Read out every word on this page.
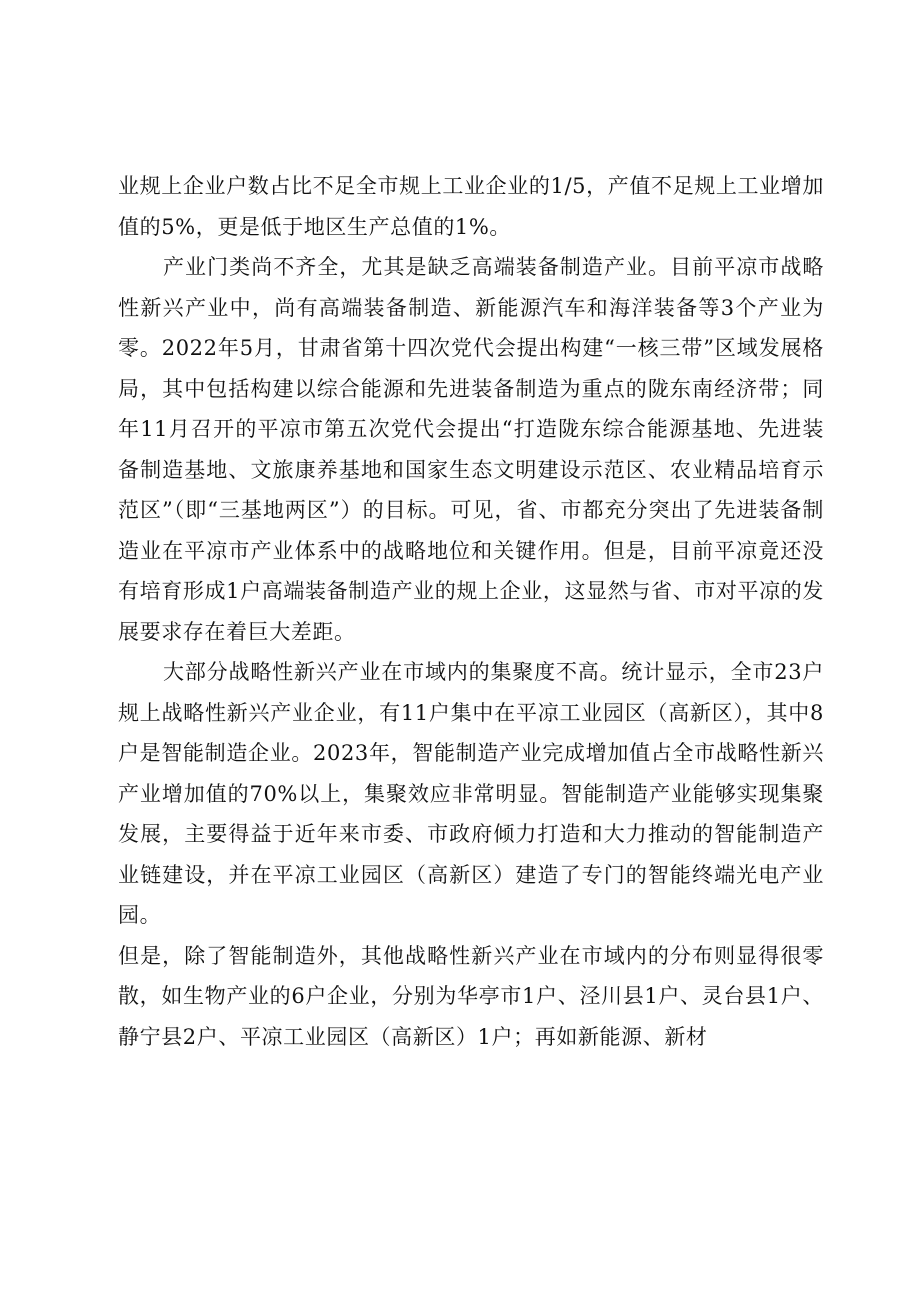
业规上企业户数占比不足全市规上工业企业的1/5，产值不足规上工业增加值的5%，更是低于地区生产总值的1%。

产业门类尚不齐全，尤其是缺乏高端装备制造产业。目前平凉市战略性新兴产业中，尚有高端装备制造、新能源汽车和海洋装备等3个产业为零。2022年5月，甘肃省第十四次党代会提出构建“一核三带”区域发展格局，其中包括构建以综合能源和先进装备制造为重点的陇东南经济带；同年11月召开的平凉市第五次党代会提出“打造陇东综合能源基地、先进装备制造基地、文旅康养基地和国家生态文明建设示范区、农业精品培育示范区”（即“三基地两区”）的目标。可见，省、市都充分突出了先进装备制造业在平凉市产业体系中的战略地位和关键作用。但是，目前平凉竟还没有培育形成1户高端装备制造产业的规上企业，这显然与省、市对平凉的发展要求存在着巨大差距。

大部分战略性新兴产业在市域内的集聚度不高。统计显示，全市23户规上战略性新兴产业企业，有11户集中在平凉工业园区（高新区），其中8户是智能制造企业。2023年，智能制造产业完成增加值占全市战略性新兴产业增加值的70%以上，集聚效应非常明显。智能制造产业能够实现集聚发展，主要得益于近年来市委、市政府倾力打造和大力推动的智能制造产业链建设，并在平凉工业园区（高新区）建造了专门的智能终端光电产业园。

但是，除了智能制造外，其他战略性新兴产业在市域内的分布则显得很零散，如生物产业的6户企业，分别为华亭市1户、泾川县1户、灵台县1户、静宁县2户、平凉工业园区（高新区）1户；再如新能源、新材
